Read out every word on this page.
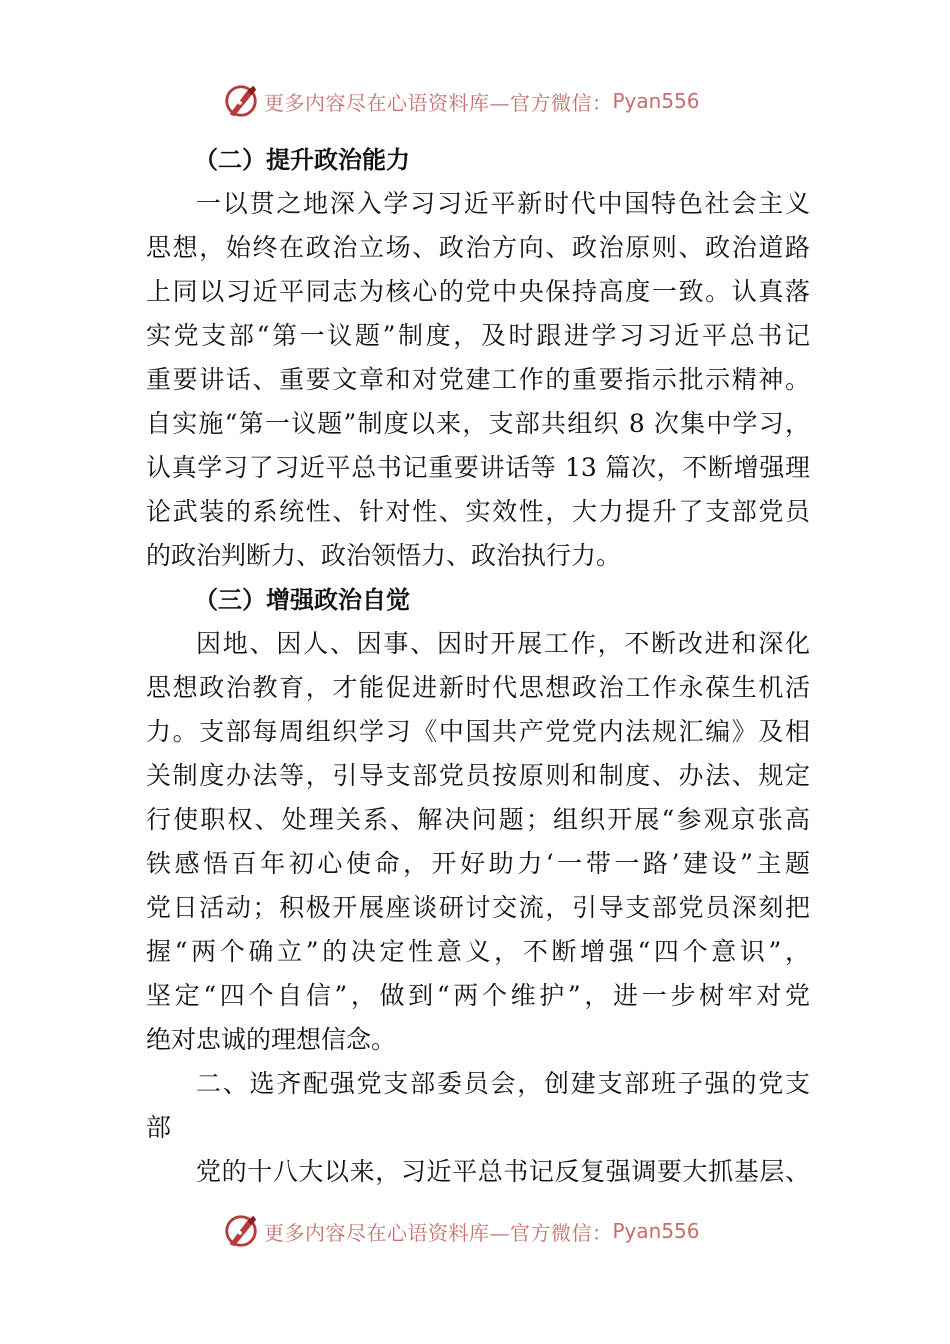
更多内容尽在心语资料库—官方微信： Pyan556
（二）提升政治能力
一以贯之地深入学习习近平新时代中国特色社会主义
思想，始终在政治立场、政治方向、政治原则、政治道路
上同以习近平同志为核心的党中央保持高度一致。认真落
实党支部“第一议题”制度，及时跟进学习习近平总书记
重要讲话、重要文章和对党建工作的重要指示批示精神。
自实施“第一议题”制度以来，支部共组织 8 次集中学习，
认真学习了习近平总书记重要讲话等 13 篇次，不断增强理
论武装的系统性、针对性、实效性，大力提升了支部党员
的政治判断力、政治领悟力、政治执行力。
（三）增强政治自觉
因地、因人、因事、因时开展工作，不断改进和深化
思想政治教育，才能促进新时代思想政治工作永葆生机活
力。支部每周组织学习《中国共产党党内法规汇编》及相
关制度办法等，引导支部党员按原则和制度、办法、规定
行使职权、处理关系、解决问题；组织开展“参观京张高
铁感悟百年初心使命，开好助力‘一带一路’建设”主题
党日活动；积极开展座谈研讨交流，引导支部党员深刻把
握“两个确立”的决定性意义，不断增强“四个意识”，
坚定“四个自信”，做到“两个维护”，进一步树牢对党
绝对忠诚的理想信念。
二、选齐配强党支部委员会，创建支部班子强的党支
部
党的十八大以来，习近平总书记反复强调要大抓基层、
更多内容尽在心语资料库—官方微信： Pyan556
